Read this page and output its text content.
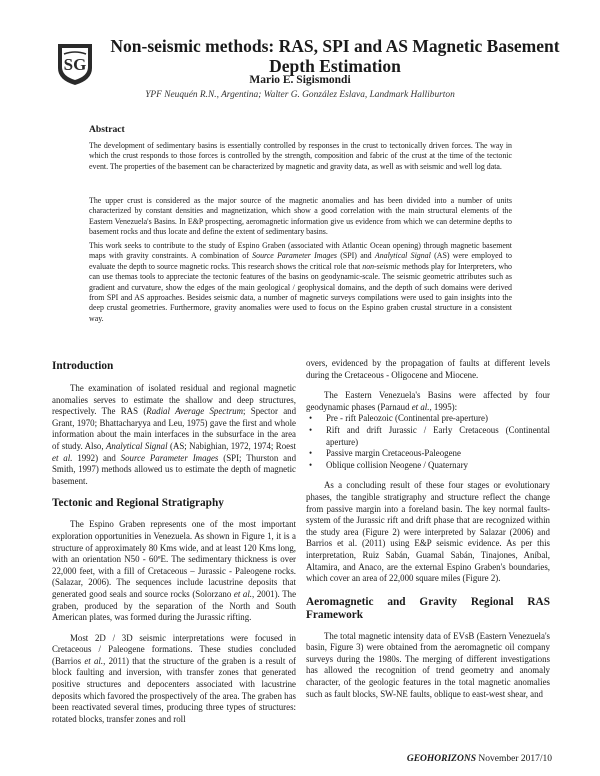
SG
Non-seismic methods: RAS, SPI and AS Magnetic Basement
Depth Estimation
Mario E. Sigismondi
YPF Neuquén R.N., Argentina; Walter G. González Eslava, Landmark Halliburton
Abstract

The development of sedimentary basins is essentially controlled by responses in the crust to tectonically driven forces. The way in which the crust responds to those forces is controlled by the strength, composition and fabric of the crust at the time of the tectonic event. The properties of the basement can be characterized by magnetic and gravity data, as well as with seismic and well log data.

The upper crust is considered as the major source of the magnetic anomalies and has been divided into a number of units characterized by constant densities and magnetization, which show a good correlation with the main structural elements of the Eastern Venezuela's Basins. In E&P prospecting, aeromagnetic information give us evidence from which we can determine depths to basement rocks and thus locate and define the extent of sedimentary basins.

This work seeks to contribute to the study of Espino Graben (associated with Atlantic Ocean opening) through magnetic basement maps with gravity constraints. A combination of Source Parameter Images (SPI) and Analytical Signal (AS) were employed to evaluate the depth to source magnetic rocks. This research shows the critical role that non-seismic methods play for Interpreters, who can use themas tools to appreciate the tectonic features of the basins on geodynamic-scale. The seismic geometric attributes such as gradient and curvature, show the edges of the main geological / geophysical domains, and the depth of such domains were derived from SPI and AS approaches. Besides seismic data, a number of magnetic surveys compilations were used to gain insights into the deep crustal geometries. Furthermore, gravity anomalies were used to focus on the Espino graben crustal structure in a consistent way.

Introduction

The examination of isolated residual and regional magnetic anomalies serves to estimate the shallow and deep structures, respectively. The RAS (Radial Average Spectrum; Spector and Grant, 1970; Bhattacharyya and Leu, 1975) gave the first and whole information about the main interfaces in the subsurface in the area of study. Also, Analytical Signal (AS; Nabighian, 1972, 1974; Roest et al. 1992) and Source Parameter Images (SPI; Thurston and Smith, 1997) methods allowed us to estimate the depth of magnetic basement.

Tectonic and Regional Stratigraphy

The Espino Graben represents one of the most important exploration opportunities in Venezuela. As shown in Figure 1, it is a structure of approximately 80 Kms wide, and at least 120 Kms long, with an orientation N50 - 60ºE. The sedimentary thickness is over 22,000 feet, with a fill of Cretaceous – Jurassic - Paleogene rocks. (Salazar, 2006). The sequences include lacustrine deposits that generated good seals and source rocks (Solorzano et al., 2001). The graben, produced by the separation of the North and South American plates, was formed during the Jurassic rifting.

Most 2D / 3D seismic interpretations were focused in Cretaceous / Paleogene formations. These studies concluded (Barrios et al., 2011) that the structure of the graben is a result of block faulting and inversion, with transfer zones that generated positive structures and depocenters associated with lacustrine deposits which favored the prospectively of the area. The graben has been reactivated several times, producing three types of structures: rotated blocks, transfer zones and roll

overs, evidenced by the propagation of faults at different levels during the Cretaceous - Oligocene and Miocene.

The Eastern Venezuela's Basins were affected by four geodynamic phases (Parnaud et al., 1995):

• Pre - rift Paleozoic (Continental pre-aperture)
• Rift and drift Jurassic / Early Cretaceous (Continental aperture)
• Passive margin Cretaceous-Paleogene
• Oblique collision Neogene / Quaternary

As a concluding result of these four stages or evolutionary phases, the tangible stratigraphy and structure reflect the change from passive margin into a foreland basin. The key normal faults-system of the Jurassic rift and drift phase that are recognized within the study area (Figure 2) were interpreted by Salazar (2006) and Barrios et al. (2011) using E&P seismic evidence. As per this interpretation, Ruiz Sabán, Guamal Sabán, Tinajones, Aníbal, Altamira, and Anaco, are the external Espino Graben's boundaries, which cover an area of 22,000 square miles (Figure 2).

Aeromagnetic and Gravity Regional RAS Framework

The total magnetic intensity data of EVsB (Eastern Venezuela's basin, Figure 3) were obtained from the aeromagnetic oil company surveys during the 1980s. The merging of different investigations has allowed the recognition of trend geometry and anomaly character, of the geologic features in the total magnetic anomalies such as fault blocks, SW-NE faults, oblique to east-west shear, and

GEOHORIZONS November 2017/10
